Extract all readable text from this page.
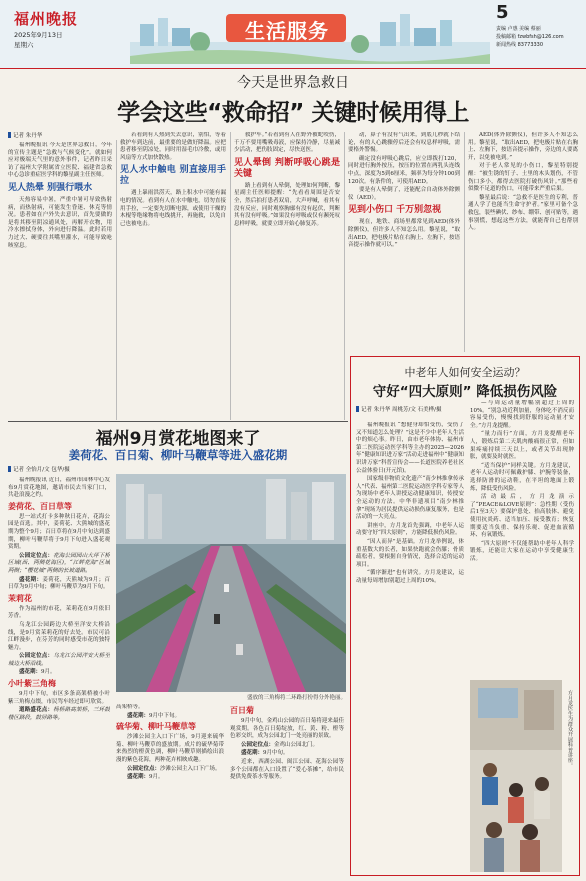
福州晚报
2025年9月13日
星期六
生活服务
5
责编 卢惠 美编 蔡丽
投稿邮箱 fzwbfsh@126.com
新闻热线 83773330
今天是世界急救日
学会这些“救命招” 关键时候用得上
记者 朱丹华

福州晚报讯 今天是世界急救日，今年的宣传主题是“急救与气候变化”。就如何应对极端天气里的意外事件，记者昨日采访了福州大学附属省立医院、福建省急救中心急诊重症医学科的黎星副主任医师。

见人热晕 别强行喂水

天热容易中暑，严重中暑可导致热射病，而热射病，可能发生昏迷、休克等情况。患者如在户外失去意识，首先要做的是将其移至阴凉通风处，再解开衣物，用冷水擦拭身体，外向进行降温。此时若用力过大、硬要往其嘴里灌水，可能导致呛咳窒息。

若看到有人热到失去意识，别怕，等着救护车到达前，最重要的是做好降温。应把患者移至阴凉处，同时用湿毛巾冷敷，或用风扇等方式加快散热。

见人水中触电 别直接用手拉

遇上暴雨洪涝天，路上积水中可能有漏电的情况。看到有人在水中触电，切勿直接用手拉，一定要先切断电源，或使用干燥的木棍等绝缘物将电线挑开，再施救，以免自己也被电击。

救护车。”若看到有人在野外被蛇咬伤，千万不要用嘴吸毒液，应保持冷静，尽量减少活动，把伤肢固定，尽快送医。

见人晕倒 判断呼吸心跳是关键

路上看到有人晕倒，处理如何判断，黎星副主任医师提醒：“先看看周围是否安全，然后拍打患者双肩，大声呼喊，看其有没有反应，同时观察胸廓有没有起伏，判断其有没有呼吸。”如果没有呼吸或仅有濒死叹息样呼吸，就要立即开始心肺复苏。

动，鼻子有没有气出来，到底几秒就下结论，有的人心跳骤停后还会有叹息样呼吸，需要格外警惕。

确定没有呼吸心跳后，应立即拨打120，同时进行胸外按压，按压的位置在两乳头连线中点，深度为5到6厘米，频率为每分钟100到120次。有条件的，可使用AED。

要是有人晕倒了，还能配合自动体外除颤仪（AED）。

见到小伤口 千万别忽视

现在，地铁、商场里都常见到AED(体外除颤仪)，但许多人不知怎么用。黎星说，“取出AED，把电极片贴在右胸上、左胸下，按语音提示操作就可以。”

AED(体外除颤仪)，但许多人不知怎么用。黎星说，“取出AED，把电极片贴在右胸上、左胸下，按语音提示操作，旁边的人要离开，以免被电到。”

对于老人常见的小伤口，黎星特别提醒：“被生锈的钉子、土里的木头划伤，不管伤口多小，都得去医院打破伤风针。”那些看似微不足道的伤口，可能带来严重后果。

黎星最后说：“急救不是医生的专利，普通人学了也能当生命守护者。”家里可备个急救包，装些碘伏、纱布、绷带、创可贴等，遇事别慌，想起这些方法，就能帮自己也帮别人。

中老年人如何安全运动？
守好“四大原则” 降低损伤风险
记者 朱丹华 周桃芳/文 石美桦/摄

福州晚报讯 “想健身却怕受伤，受伤了又不知道怎么处理？”这是不少中老年人生活中的烦心事。昨日，由市老年体协、福州市第二医院运动医学科等主办的2025—2026年“健康知识进万家”活动走进福州中“健康知识讲万家”科普宣传会——长道医院养老社区公益体验日(开元馆)。

国家级非物质文化遗产“南少林推拿传承人”代表、福州第二医院运动医学科专家等人为现场中老年人讲授运动健康知识，传授安全运动的方法。中华非遗项目“南少林推拿”现场为居民提供运动损伤康复服务，也是活动的一大亮点。

讲座中，方月龙首先强调，中老年人运动要守好“四大原则”，方能降低损伤风险。

“因人而异”是基础。方月龙举例说，体重基数大的长者，如果快跑就会伤膝；骨质疏松者，要根据自身情况，选择合适的运动项目。

“循序渐进”也有讲究。方月龙建议，运动量每周增加别超过上周的10%。

—与周运动量增幅别超过上周的10%。“别急功近利加量，身体吃不消反而容易受伤，慢慢找到舒服的运动量才安全。”方月龙提醒。

“量力而行”方面，方月龙提醒老年人，锻炼后第二天肌肉酸痛很正常，但如果疼痛持续三天以上，或者关节出现肿胀，就要及时就医。

“适当保护”同样关键。方月龙建议，老年人运动时可佩戴护膝、护腕等装备，选择防滑的运动鞋，在平坦的地面上锻炼，降低受伤风险。

活动最后，方月龙演示了“PEACE&LOVE原则”：急性期（受伤后1至3天）要保护患处、抬高肢体、避免使用抗炎药、适当加压、接受教育；恢复期要适当负重、保持乐观、促进血液循环、有氧锻炼。

“四大原则”不仅能帮助中老年人科学锻炼，还能让大家在运动中享受健康生活。

方月龙医生为群众开展科普讲座。
福州9月赏花地图来了
姜荷花、百日菊、柳叶马鞭草等进入盛花期
记者 全怡月/文 包华/摄

福州晚报讯 近日，福州市园林中心发布9月赏花地图，邀请市民去当家门口，共赴浪漫之约。

姜荷花、百日草等

思一站式打卡多种秋日花卉，花海公园是首选。其中，姜荷花、大熊城的盛花期为整个9月；百日草将在9月中旬达到盛期，柳叶马鞭草将于9月下旬进入盛花观赏期。

公园定位点：花海公园园山大坪下桥区域(西、两侧花海区)，“江畔花海”区域两侧；“樱花城”两侧的长坡道路。

盛花期：姜荷花，天熊城为9月；百日草为9月中旬；柳叶马鞭草为9月下旬。

茉莉花

作为福州的市花，茉莉花在9月依旧芳香。

乌龙江公园跨边大桥至洋安大桥沿线，是9月赏茉莉花的好去处。市民可沿江畔漫步，在芬芳的同时感受市花的独特魅力。

公园定位点：乌龙江公园洋安大桥至城边大桥沿线。

盛花期：9月。

小叶紫三角梅

9月中下旬，市区多条高架桥被小叶紫三角梅点缀，市民驾车经过即可欣赏。

道路盛花点：杨桥路高架桥，三环鼓楼区路段，鼓屏路等。

盛放的三角梅将二环路打扮得分外艳丽。

高架桥等。

盛花期：9月中下旬。

硫华菊、柳叶马鞭草等

沙滩公园主入口下广场，9月迎来硫华菊、柳叶马鞭草的盛放期。成片的硫华菊带来热烈的橙黄色调，柳叶马鞭草则描绘出浪漫的紫色花海，两种花卉相映成趣。

公园定位点：沙滩公园主入口下广场。

盛花期：9月。

百日菊

9月中旬，金鸡山公园的百日菊将迎来最佳观赏期。各色百日菊绽放，红、黄、粉、橙等色彩交织，成为公园北门一处亮丽的景致。

公园定位点：金鸡山公园北门。

盛花期：9月中旬。

近来，西湖公园、闽江公园、花海公园等多个公园都在入口设置了“爱心茶摊”，给市民提供免费茶水等服务。
